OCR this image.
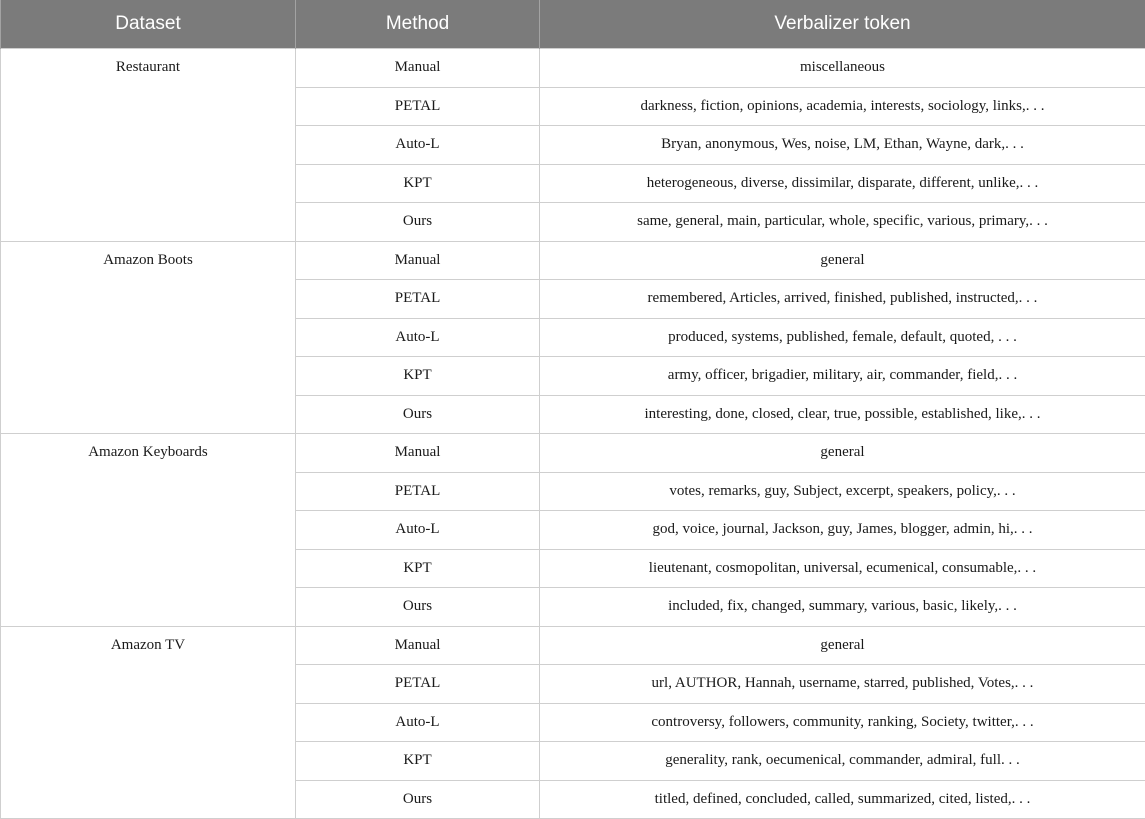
Dataset	Method	Verbalizer token
Restaurant	Manual	miscellaneous
	PETAL	darkness, fiction, opinions, academia, interests, sociology, links,. . .
	Auto-L	Bryan, anonymous, Wes, noise, LM, Ethan, Wayne, dark,. . .
	KPT	heterogeneous, diverse, dissimilar, disparate, different, unlike,. . .
	Ours	same, general, main, particular, whole, specific, various, primary,. . .
Amazon Boots	Manual	general
	PETAL	remembered, Articles, arrived, finished, published, instructed,. . .
	Auto-L	produced, systems, published, female, default, quoted, . . .
	KPT	army, officer, brigadier, military, air, commander, field,. . .
	Ours	interesting, done, closed, clear, true, possible, established, like,. . .
Amazon Keyboards	Manual	general
	PETAL	votes, remarks, guy, Subject, excerpt, speakers, policy,. . .
	Auto-L	god, voice, journal, Jackson, guy, James, blogger, admin, hi,. . .
	KPT	lieutenant, cosmopolitan, universal, ecumenical, consumable,. . .
	Ours	included, fix, changed, summary, various, basic, likely,. . .
Amazon TV	Manual	general
	PETAL	url, AUTHOR, Hannah, username, starred, published, Votes,. . .
	Auto-L	controversy, followers, community, ranking, Society, twitter,. . .
	KPT	generality, rank, oecumenical, commander, admiral, full. . .
	Ours	titled, defined, concluded, called, summarized, cited, listed,. . .
